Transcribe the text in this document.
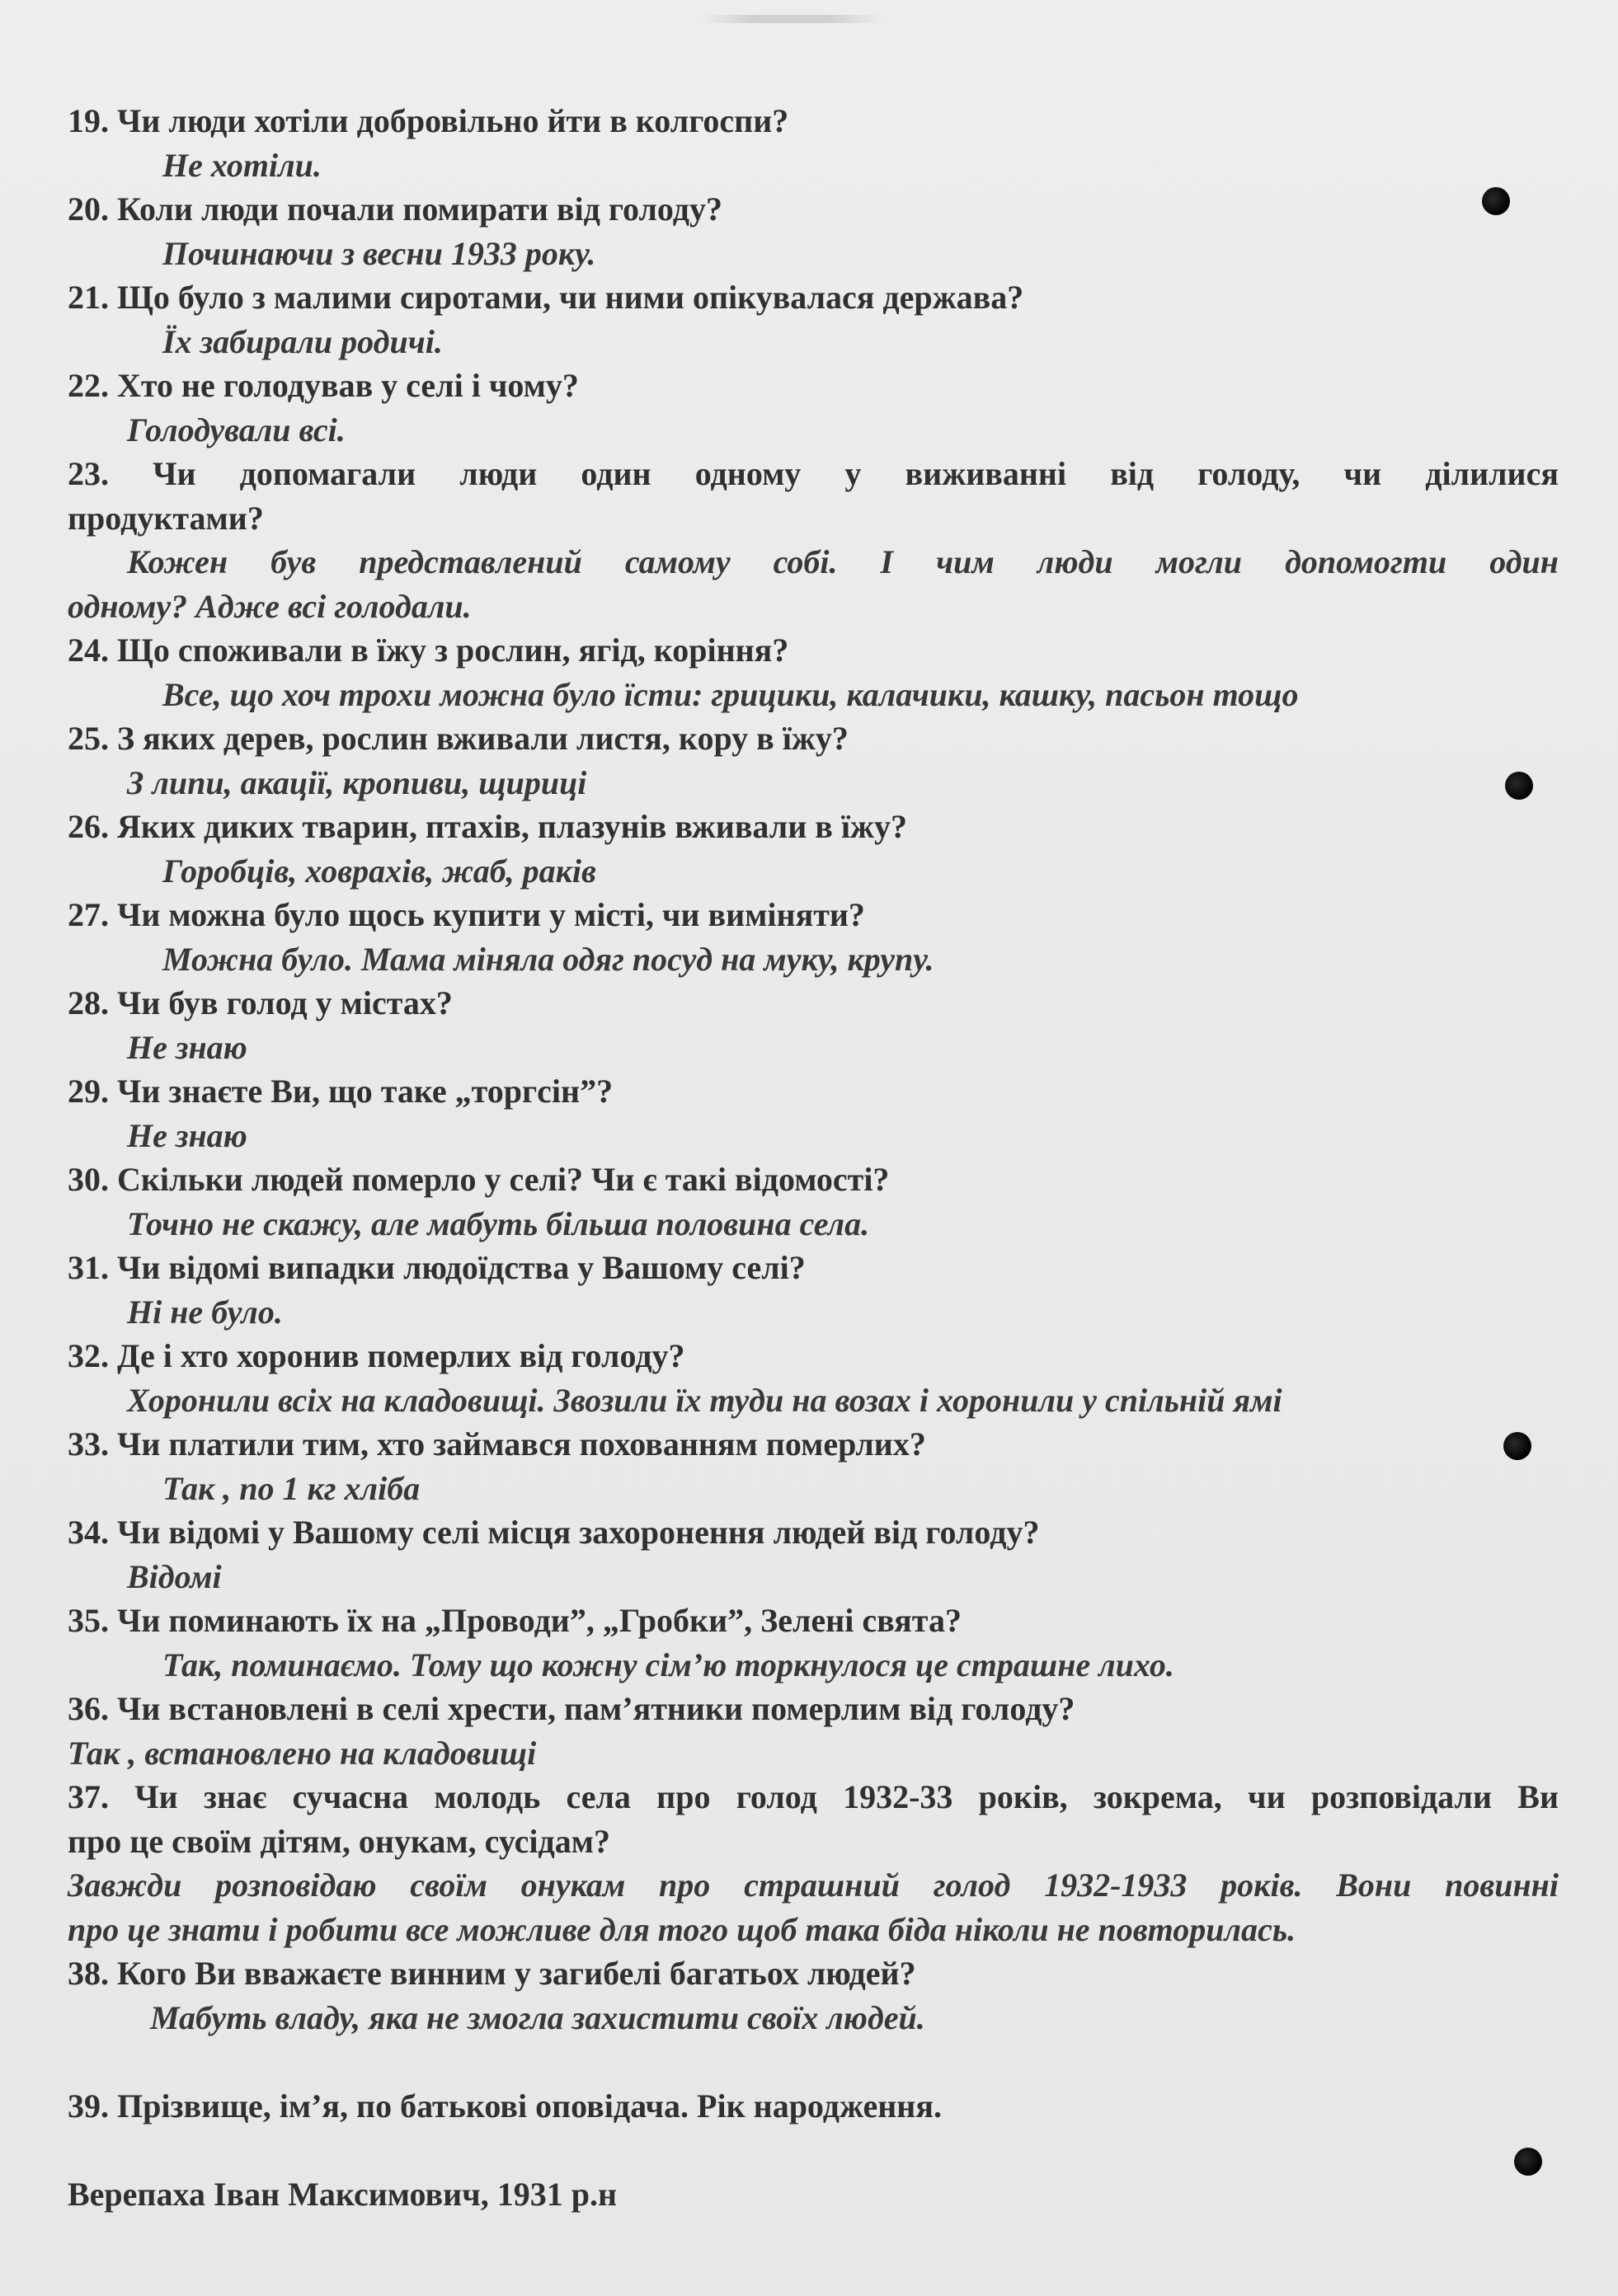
19. Чи люди хотіли добровільно йти в колгоспи?
Не хотіли.
20. Коли люди почали помирати від голоду?
Починаючи з весни 1933 року.
21. Що було з малими сиротами, чи ними опікувалася держава?
Їх забирали родичі.
22. Хто не голодував у селі і чому?
Голодували всі.
23. Чи допомагали люди один одному у виживанні від голоду, чи ділилися
продуктами?
Кожен був представлений самому собі. І чим люди могли допомогти один
одному? Адже всі голодали.
24. Що споживали в їжу з рослин, ягід, коріння?
Все, що хоч трохи можна було їсти: грицики, калачики, кашку, пасьон тощо
25. З яких дерев, рослин вживали листя, кору в їжу?
З липи, акації, кропиви, щириці
26. Яких диких тварин, птахів, плазунів вживали в їжу?
Горобців, ховрахів, жаб, раків
27. Чи можна було щось купити у місті, чи виміняти?
Можна було. Мама міняла одяг посуд на муку, крупу.
28. Чи був голод у містах?
Не знаю
29. Чи знаєте Ви, що таке „торгсін”?
Не знаю
30. Скільки людей померло у селі? Чи є такі відомості?
Точно не скажу, але мабуть більша половина села.
31. Чи відомі випадки людоїдства у Вашому селі?
Ні не було.
32. Де і хто хоронив померлих від голоду?
Хоронили всіх на кладовищі. Звозили їх туди на возах і хоронили у спільній ямі
33. Чи платили тим, хто займався похованням померлих?
Так , по 1 кг хліба
34. Чи відомі у Вашому селі місця захоронення людей від голоду?
Відомі
35. Чи поминають їх на „Проводи”, „Гробки”, Зелені свята?
Так, поминаємо. Тому що кожну сім’ю торкнулося це страшне лихо.
36. Чи встановлені в селі хрести, пам’ятники померлим від голоду?
Так , встановлено на кладовищі
37. Чи знає сучасна молодь села про голод 1932-33 років, зокрема, чи розповідали Ви
про це своїм дітям, онукам, сусідам?
Завжди розповідаю своїм онукам про страшний голод 1932-1933 років. Вони повинні
про це знати і робити все можливе для того щоб така біда ніколи не повторилась.
38. Кого Ви вважаєте винним у загибелі багатьох людей?
Мабуть владу, яка не змогла захистити своїх людей.
39. Прізвище, ім’я, по батькові оповідача. Рік народження.
Верепаха Іван Максимович, 1931 р.н
